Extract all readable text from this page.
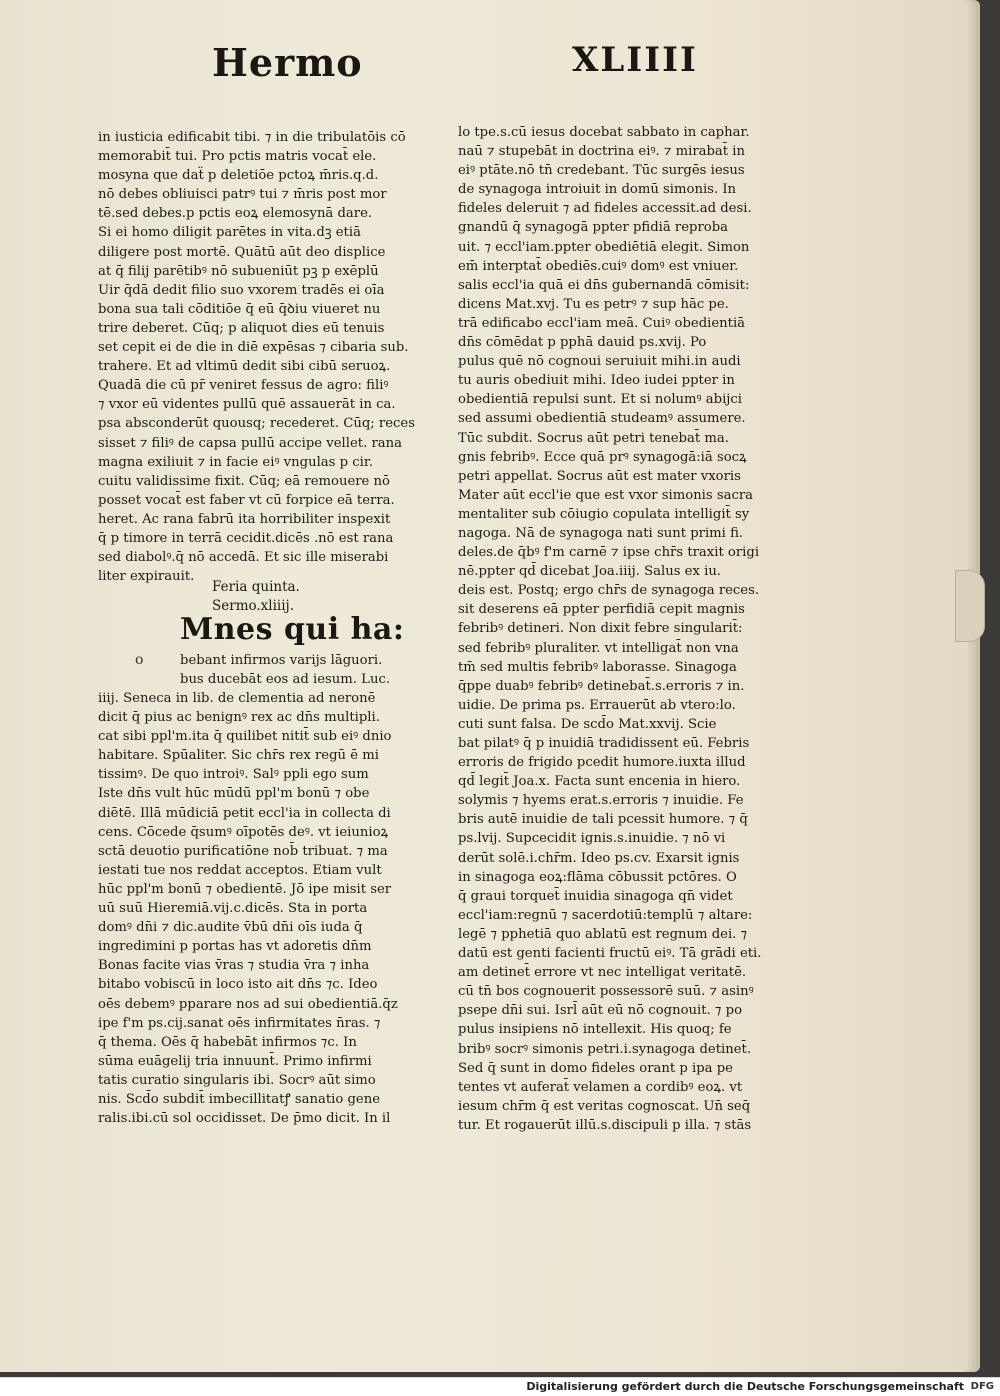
Hermo	XLIIII
in iusticia edificabit tibi. ⁊ in die tribulatōis cō
memorabit̄ tui. Pro pctis matris vocat̄ ele.
mosyna que daẗ p deletiōe pctoꝝ m̄ris.q.d.
nō debes obliuisci patrꝰ tui ⁊ m̄ris post mor
tē.sed debes.p pctis eoꝝ elemosynā dare.
Si ei homo diligit parētes in vita.dꝫ etiā
diligere post mortē. Quātū aūt deo displice
at q̄ filij parētibꝰ nō subueniūt pꝫ p exēplū
Uir q̄dā dedit filio suo vxorem tradēs ei oīa
bona sua tali cōditiōe q̄ eū q̄ꝺiu viueret nu
trire deberet. Cūq; p aliquot dies eū tenuis
set cepit ei de die in diē expēsas ⁊ cibaria sub.
trahere. Et ad vltimū dedit sibi cibū seruoꝝ.
Quadā die cū pr̄ veniret fessus de agro: filiꝰ
⁊ vxor eū videntes pullū quē assauerāt in ca.
psa absconderūt quousq; recederet. Cūq; reces
sisset ⁊ filiꝰ de capsa pullū accipe vellet. rana
magna exiliuit ⁊ in facie eiꝰ vngulas p cir.
cuitu validissime fixit. Cūq; eā remouere nō
posset vocat̄ est faber vt cū forpice eā terra.
heret. Ac rana fabrū ita horribiliter inspexit
q̄ p timore in terrā cecidit.dicēs .nō est rana
sed diabolꝰ.q̄ nō accedā. Et sic ille miserabi
liter expirauit.
Feria quinta.
Sermo.xliiij.
Mnes qui ha:
o	bebant infirmos varijs lāguori.
bus ducebāt eos ad iesum. Luc.
iiij. Seneca in lib. de clementia ad neronē
dicit q̄ pius ac benignꝰ rex ac dn̄s multipli.
cat sibi ppl'm.ita q̄ quilibet nitit̄ sub eiꝰ dnio
habitare. Spūaliter. Sic chr̄s rex regū ē mi
tissimꝰ. De quo introiꝰ. Salꝰ ppli ego sum
Iste dn̄s vult hūc mūdū ppl'm bonū ⁊ obe
diētē. Illā mūdiciā petit eccl'ia in collecta di
cens. Cōcede q̄sumꝰ oīpotēs deꝰ. vt ieiunioꝝ
sctā deuotio purificatiōne nob̄ tribuat. ⁊ ma
iestati tue nos reddat acceptos. Etiam vult
hūc ppl'm bonū ⁊ obedientē. Jō ipe misit ser
uū suū Hieremiā.vij.c.dicēs. Sta in porta
domꝰ dn̄i ⁊ dic.audite v̄bū dn̄i oīs iuda q̄
ingredimini p portas has vt adoretis dn̄m
Bonas facite vias v̄ras ⁊ studia v̄ra ⁊ inha
bitabo vobiscū in loco isto ait dn̄s ⁊c. Ideo
oēs debemꝰ pparare nos ad sui obedientiā.q̄z
ipe f'm ps.cij.sanat oēs infirmitates n̄ras. ⁊
q̄ thema. Oēs q̄ habebāt infirmos ⁊c. In
sūma euāgelij tria innuunt̄. Primo infirmi
tatis curatio singularis ibi. Socrꝰ aūt simo
nis. Scd̄o subdit̄ imbecillitatꝭ sanatio gene
ralis.ibi.cū sol occidisset. De p̄mo dicit. In il
lo tpe.s.cū iesus docebat sabbato in caphar.
naū ⁊ stupebāt in doctrina eiꝰ. ⁊ mirabat̄ in
eiꝰ ptāte.nō tn̄ credebant. Tūc surgēs iesus
de synagoga introiuit in domū simonis. In
fideles deleruit ⁊ ad fideles accessit.ad desi.
gnandū q̄ synagogā ppter pfidiā reproba
uit. ⁊ eccl'iam.ppter obediētiā elegit. Simon
em̄ interptat̄ obediēs.cuiꝰ domꝰ est vniuer.
salis eccl'ia quā ei dn̄s gubernandā cōmisit:
dicens Mat.xvj. Tu es petrꝰ ⁊ sup hāc pe.
trā edificabo eccl'iam meā. Cuiꝰ obedientiā
dn̄s cōmēdat p pphā dauid ps.xvij. Po
pulus quē nō cognoui seruiuit mihi.in audi
tu auris obediuit mihi. Ideo iudei ppter in
obedientiā repulsi sunt. Et si nolumꝰ abijci
sed assumi obedientiā studeamꝰ assumere.
Tūc subdit. Socrus aūt petri tenebat̄ ma.
gnis febribꝰ. Ecce quā prꝰ synagogā:iā socꝝ
petri appellat. Socrus aūt est mater vxoris
Mater aūt eccl'ie que est vxor simonis sacra
mentaliter sub cōiugio copulata intelligit̄ sy
nagoga. Nā de synagoga nati sunt primi fi.
deles.de q̄bꝰ f'm carnē ⁊ ipse chr̄s traxit origi
nē.ppter qd̄ dicebat Joa.iiij. Salus ex iu.
deis est. Postq; ergo chr̄s de synagoga reces.
sit deserens eā ppter perfidiā cepit magnis
febribꝰ detineri. Non dixit febre singularit̄:
sed febribꝰ pluraliter. vt intelligat̄ non vna
tm̄ sed multis febribꝰ laborasse. Sinagoga
q̄ppe duabꝰ febribꝰ detinebat̄.s.erroris ⁊ in.
uidie. De prima ps. Errauerūt ab vtero:lo.
cuti sunt falsa. De scd̄o Mat.xxvij. Scie
bat pilatꝰ q̄ p inuidiā tradidissent eū. Febris
erroris de frigido pcedit humore.iuxta illud
qd̄ legit̄ Joa.x. Facta sunt encenia in hiero.
solymis ⁊ hyems erat.s.erroris ⁊ inuidie. Fe
bris autē inuidie de tali pcessit humore. ⁊ q̄
ps.lvij. Supcecidit ignis.s.inuidie. ⁊ nō vi
derūt solē.i.chr̄m. Ideo ps.cv. Exarsit ignis
in sinagoga eoꝝ:flāma cōbussit pctōres. O
q̄ graui torquet̄ inuidia sinagoga qn̄ videt
eccl'iam:regnū ⁊ sacerdotiū:templū ⁊ altare:
legē ⁊ pphetiā quo ablatū est regnum dei. ⁊
datū est genti facienti fructū eiꝰ. Tā grādi eti.
am detinet̄ errore vt nec intelligat veritatē.
cū tn̄ bos cognouerit possessorē suū. ⁊ asinꝰ
psepe dn̄i sui. Isrl̄ aūt eū nō cognouit. ⁊ po
pulus insipiens nō intellexit. His quoq; fe
bribꝰ socrꝰ simonis petri.i.synagoga detinet̄.
Sed q̄ sunt in domo fideles orant p ipa pe
tentes vt auferat̄ velamen a cordibꝰ eoꝝ. vt
iesum chr̄m q̄ est veritas cognoscat. Un̄ seq̄
tur. Et rogauerūt illū.s.discipuli p illa. ⁊ stās
Digitalisierung gefördert durch die Deutsche Forschungsgemeinschaft DFG
